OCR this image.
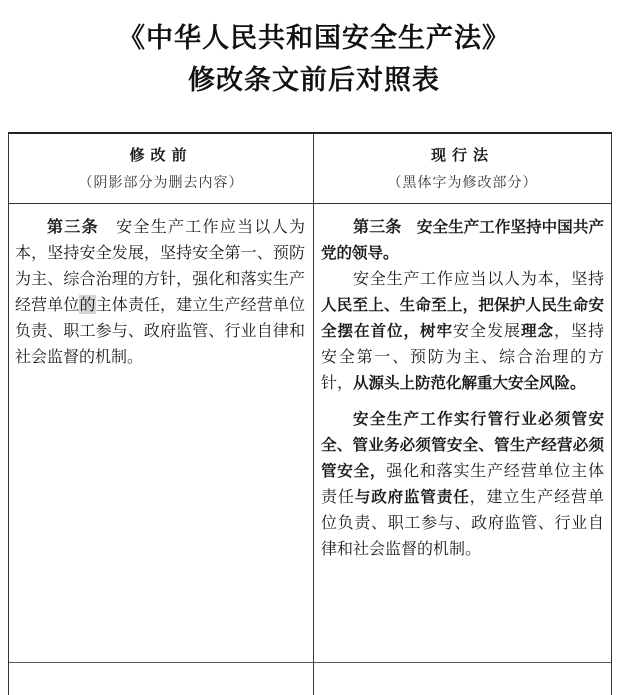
《中华人民共和国安全生产法》
修改条文前后对照表
修改前
（阴影部分为删去内容）
现行法
（黑体字为修改部分）

第三条　安全生产工作应当以人为本，坚持安全发展，坚持安全第一、预防为主、综合治理的方针，强化和落实生产经营单位的主体责任，建立生产经营单位负责、职工参与、政府监管、行业自律和社会监督的机制。

第三条　安全生产工作坚持中国共产党的领导。

安全生产工作应当以人为本，坚持人民至上、生命至上，把保护人民生命安全摆在首位，树牢安全发展理念，坚持安全第一、预防为主、综合治理的方针，从源头上防范化解重大安全风险。

安全生产工作实行管行业必须管安全、管业务必须管安全、管生产经营必须管安全，强化和落实生产经营单位主体责任与政府监管责任，建立生产经营单位负责、职工参与、政府监管、行业自律和社会监督的机制。
